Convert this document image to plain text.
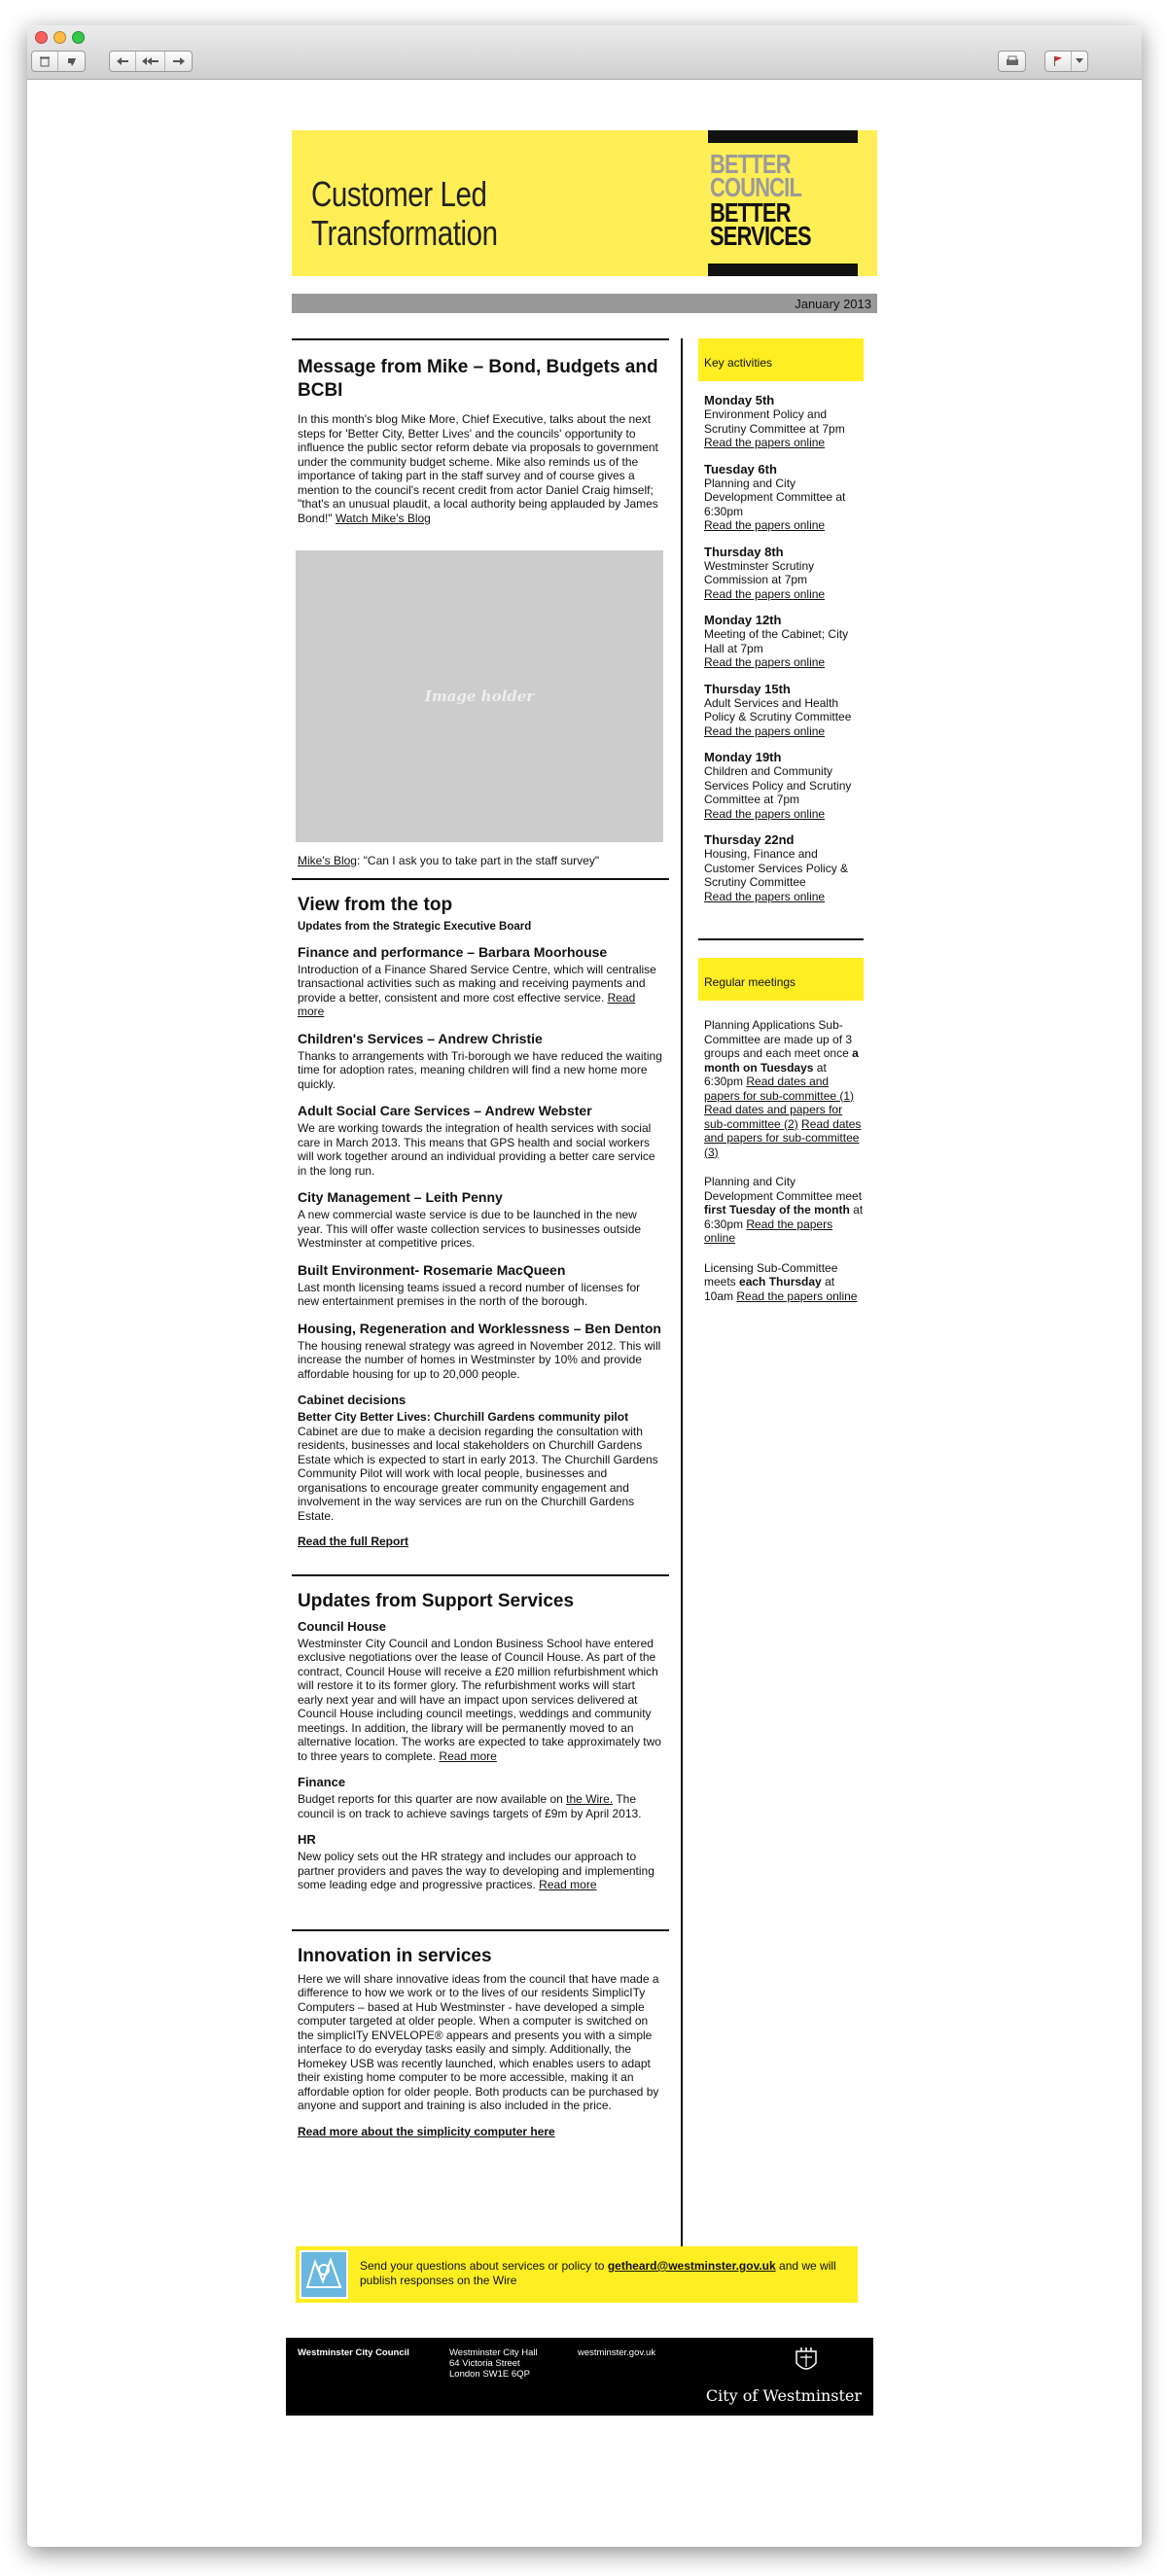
Customer Led
Transformation
BETTER
COUNCIL
BETTER
SERVICES
January 2013
Message from Mike – Bond, Budgets and BCBI

In this month's blog Mike More, Chief Executive, talks about the next steps for 'Better City, Better Lives' and the councils' opportunity to influence the public sector reform debate via proposals to government under the community budget scheme. Mike also reminds us of the importance of taking part in the staff survey and of course gives a mention to the council's recent credit from actor Daniel Craig himself; "that's an unusual plaudit, a local authority being applauded by James Bond!" Watch Mike's Blog

Image holder

Mike's Blog: "Can I ask you to take part in the staff survey"

View from the top
Updates from the Strategic Executive Board
Finance and performance – Barbara Moorhouse

Introduction of a Finance Shared Service Centre, which will centralise transactional activities such as making and receiving payments and provide a better, consistent and more cost effective service. Read more

Children's Services – Andrew Christie

Thanks to arrangements with Tri-borough we have reduced the waiting time for adoption rates, meaning children will find a new home more quickly.

Adult Social Care Services – Andrew Webster

We are working towards the integration of health services with social care in March 2013. This means that GPS health and social workers will work together around an individual providing a better care service in the long run.

City Management – Leith Penny

A new commercial waste service is due to be launched in the new year. This will offer waste collection services to businesses outside Westminster at competitive prices.

Built Environment- Rosemarie MacQueen

Last month licensing teams issued a record number of licenses for new entertainment premises in the north of the borough.

Housing, Regeneration and Worklessness – Ben Denton

The housing renewal strategy was agreed in November 2012. This will increase the number of homes in Westminster by 10% and provide affordable housing for up to 20,000 people.

Cabinet decisions

Better City Better Lives: Churchill Gardens community pilot

Cabinet are due to make a decision regarding the consultation with residents, businesses and local stakeholders on Churchill Gardens Estate which is expected to start in early 2013. The Churchill Gardens Community Pilot will work with local people, businesses and organisations to encourage greater community engagement and involvement in the way services are run on the Churchill Gardens Estate.

Read the full Report

Updates from Support Services
Council House

Westminster City Council and London Business School have entered exclusive negotiations over the lease of Council House. As part of the contract, Council House will receive a £20 million refurbishment which will restore it to its former glory. The refurbishment works will start early next year and will have an impact upon services delivered at Council House including council meetings, weddings and community meetings. In addition, the library will be permanently moved to an alternative location. The works are expected to take approximately two to three years to complete. Read more

Finance

Budget reports for this quarter are now available on the Wire. The council is on track to achieve savings targets of £9m by April 2013.

HR

New policy sets out the HR strategy and includes our approach to partner providers and paves the way to developing and implementing some leading edge and progressive practices. Read more

Innovation in services

Here we will share innovative ideas from the council that have made a difference to how we work or to the lives of our residents SimplicITy Computers – based at Hub Westminster - have developed a simple computer targeted at older people. When a computer is switched on the simplicITy ENVELOPE® appears and presents you with a simple interface to do everyday tasks easily and simply. Additionally, the Homekey USB was recently launched, which enables users to adapt their existing home computer to be more accessible, making it an affordable option for older people. Both products can be purchased by anyone and support and training is also included in the price.

Read more about the simplicity computer here

Key activities
Monday 5th

Environment Policy and Scrutiny Committee at 7pm

Read the papers online

Tuesday 6th

Planning and City Development Committee at 6:30pm

Read the papers online

Thursday 8th

Westminster Scrutiny Commission at 7pm

Read the papers online

Monday 12th

Meeting of the Cabinet; City Hall at 7pm

Read the papers online

Thursday 15th

Adult Services and Health Policy & Scrutiny Committee

Read the papers online

Monday 19th

Children and Community Services Policy and Scrutiny Committee at 7pm

Read the papers online

Thursday 22nd

Housing, Finance and Customer Services Policy & Scrutiny Committee

Read the papers online

Regular meetings

Planning Applications Sub-Committee are made up of 3 groups and each meet once a month on Tuesdays at 6:30pm Read dates and papers for sub-committee (1) Read dates and papers for sub-committee (2) Read dates and papers for sub-committee (3)

Planning and City Development Committee meet first Tuesday of the month at 6:30pm Read the papers online

Licensing Sub-Committee meets each Thursday at 10am Read the papers online

Send your questions about services or policy to getheard@westminster.gov.uk and we will publish responses on the Wire
Westminster City Council	Westminster City Hall
64 Victoria Street
London SW1E 6QP
westminster.gov.uk
City of Westminster
